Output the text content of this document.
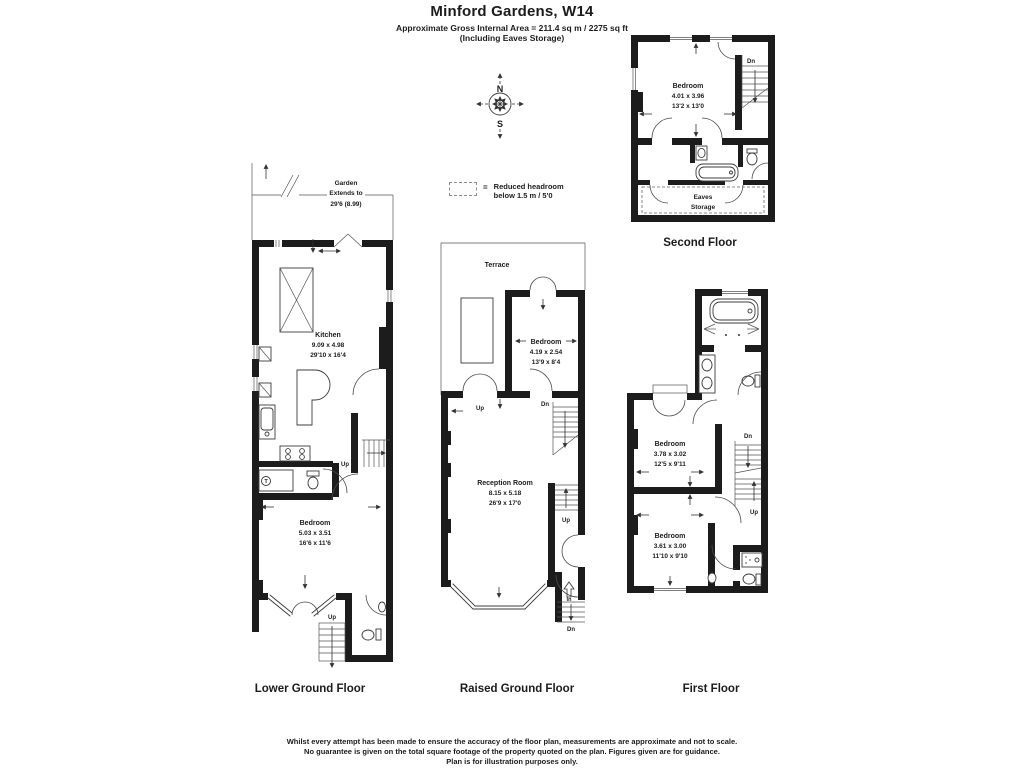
Minford Gardens, W14
Approximate Gross Internal Area = 211.4 sq m / 2275 sq ft
(Including Eaves Storage)
N
S
= Reduced headroom
below 1.5 m / 5'0
Dn
Eaves
Storage
Bedroom
4.01 x 3.96
13'2 x 13'0
Second Floor
Garden
Extends to
29'6 (8.99)
Kitchen
9.09 x 4.98
29'10 x 16'4
T
Up
Bedroom
5.03 x 3.51
16'6 x 11'6
Up
Lower Ground Floor
Terrace
Bedroom
4.19 x 2.54
13'9 x 8'4
Up
Dn
Up
Reception Room
8.15 x 5.18
26'9 x 17'0
In
Dn
Raised Ground Floor
Dn
Up
Bedroom
3.78 x 3.02
12'5 x 9'11
Bedroom
3.61 x 3.00
11'10 x 9'10
First Floor
Whilst every attempt has been made to ensure the accuracy of the floor plan, measurements are approximate and not to scale.
No guarantee is given on the total square footage of the property quoted on the plan. Figures given are for guidance.
Plan is for illustration purposes only.
